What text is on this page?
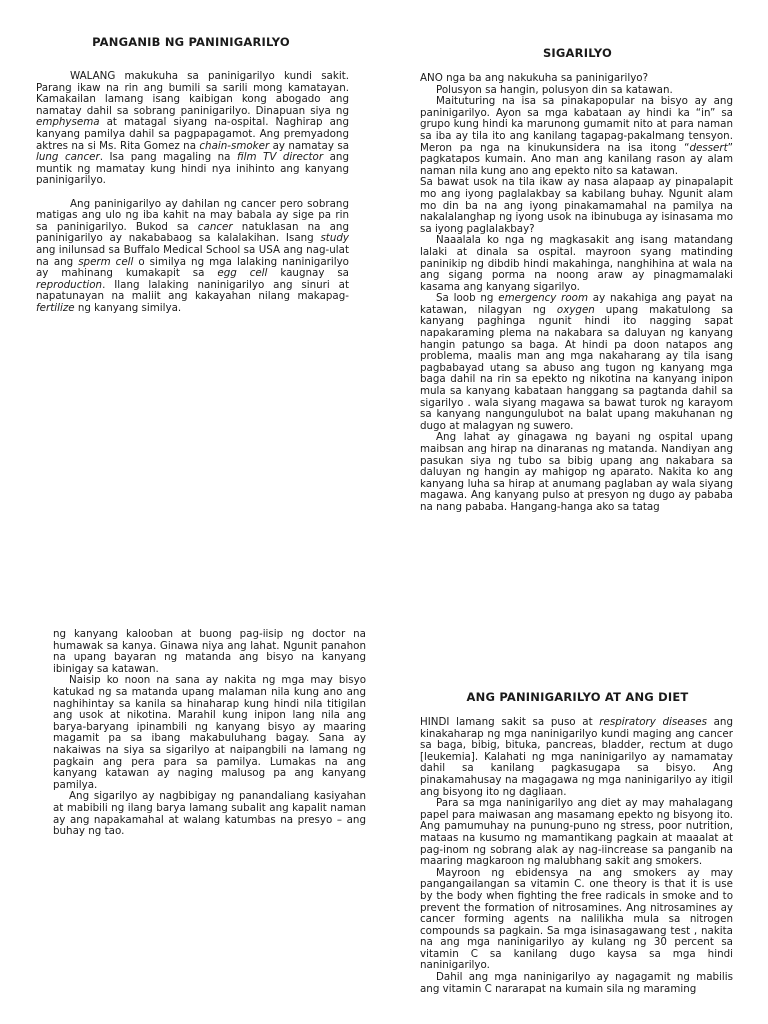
PANGANIB NG PANINIGARILYO

WALANG makukuha sa paninigarilyo kundi sakit. Parang ikaw na rin ang bumili sa sarili mong kamatayan. Kamakailan lamang isang kaibigan kong abogado ang namatay dahil sa sobrang paninigarilyo. Dinapuan siya ng emphysema at matagal siyang na-ospital. Naghirap ang kanyang pamilya dahil sa pagpapagamot. Ang premyadong aktres na si Ms. Rita Gomez na chain-smoker ay namatay sa lung cancer. Isa pang magaling na film TV director ang muntik ng mamatay kung hindi nya inihinto ang kanyang paninigarilyo.

Ang paninigarilyo ay dahilan ng cancer pero sobrang matigas ang ulo ng iba kahit na may babala ay sige pa rin sa paninigarilyo. Bukod sa cancer natuklasan na ang paninigarilyo ay nakababaog sa kalalakihan. Isang study ang inilunsad sa Buffalo Medical School sa USA ang nag-ulat na ang sperm cell o similya ng mga lalaking naninigarilyo ay mahinang kumakapit sa egg cell kaugnay sa reproduction. Ilang lalaking naninigarilyo ang sinuri at napatunayan na maliit ang kakayahan nilang makapag-fertilize ng kanyang similya.

SIGARILYO

ANO nga ba ang nakukuha sa paninigarilyo?

Polusyon sa hangin, polusyon din sa katawan.

Maituturing na isa sa pinakapopular na bisyo ay ang paninigarilyo. Ayon sa mga kabataan ay hindi ka “in” sa grupo kung hindi ka marunong gumamit nito at para naman sa iba ay tila ito ang kanilang tagapag-pakalmang tensyon. Meron pa nga na kinukunsidera na isa itong “dessert” pagkatapos kumain. Ano man ang kanilang rason ay alam naman nila kung ano ang epekto nito sa katawan.

Sa bawat usok na tila ikaw ay nasa alapaap ay pinapalapit mo ang iyong paglalakbay sa kabilang buhay. Ngunit alam mo din ba na ang iyong pinakamamahal na pamilya na nakalalanghap ng iyong usok na ibinubuga ay isinasama mo sa iyong paglalakbay?

Naaalala ko nga ng magkasakit ang isang matandang lalaki at dinala sa ospital. mayroon syang matinding paninikip ng dibdib hindi makahinga, nanghihina at wala na ang sigang porma na noong araw ay pinagmamalaki kasama ang kanyang sigarilyo.

Sa loob ng emergency room ay nakahiga ang payat na katawan, nilagyan ng oxygen upang makatulong sa kanyang paghinga ngunit hindi ito nagging sapat napakaraming plema na nakabara sa daluyan ng kanyang hangin patungo sa baga. At hindi pa doon natapos ang problema, maalis man ang mga nakaharang ay tila isang pagbabayad utang sa abuso ang tugon ng kanyang mga baga dahil na rin sa epekto ng nikotina na kanyang inipon mula sa kanyang kabataan hanggang sa pagtanda dahil sa sigarilyo . wala siyang magawa sa bawat turok ng karayom sa kanyang nangungulubot na balat upang makuhanan ng dugo at malagyan ng suwero.

Ang lahat ay ginagawa ng bayani ng ospital upang maibsan ang hirap na dinaranas ng matanda. Nandiyan ang pasukan siya ng tubo sa bibig upang ang nakabara sa daluyan ng hangin ay mahigop ng aparato. Nakita ko ang kanyang luha sa hirap at anumang paglaban ay wala siyang magawa. Ang kanyang pulso at presyon ng dugo ay pababa na nang pababa. Hangang-hanga ako sa tatag

ng kanyang kalooban at buong pag-iisip ng doctor na humawak sa kanya. Ginawa niya ang lahat. Ngunit panahon na upang bayaran ng matanda ang bisyo na kanyang ibinigay sa katawan.

Naisip ko noon na sana ay nakita ng mga may bisyo katukad ng sa matanda upang malaman nila kung ano ang naghihintay sa kanila sa hinaharap kung hindi nila titigilan ang usok at nikotina. Marahil kung inipon lang nila ang barya-baryang ipinambili ng kanyang bisyo ay maaring magamit pa sa ibang makabuluhang bagay. Sana ay nakaiwas na siya sa sigarilyo at naipangbili na lamang ng pagkain ang pera para sa pamilya. Lumakas na ang kanyang katawan ay naging malusog pa ang kanyang pamilya.

Ang sigarilyo ay nagbibigay ng panandaliang kasiyahan at mabibili ng ilang barya lamang subalit ang kapalit naman ay ang napakamahal at walang katumbas na presyo – ang buhay ng tao.

ANG PANINIGARILYO AT ANG DIET

HINDI lamang sakit sa puso at respiratory diseases ang kinakaharap ng mga naninigarilyo kundi maging ang cancer sa baga, bibig, bituka, pancreas, bladder, rectum at dugo [leukemia]. Kalahati ng mga naninigarilyo ay namamatay dahil sa kanilang pagkasugapa sa bisyo. Ang pinakamahusay na magagawa ng mga naninigarilyo ay itigil ang bisyong ito ng dagliaan.

Para sa mga naninigarilyo ang diet ay may mahalagang papel para maiwasan ang masamang epekto ng bisyong ito. Ang pamumuhay na punung-puno ng stress, poor nutrition, mataas na kusumo ng mamantikang pagkain at maaalat at pag-inom ng sobrang alak ay nag-iincrease sa panganib na maaring magkaroon ng malubhang sakit ang smokers.

Mayroon ng ebidensya na ang smokers ay may pangangailangan sa vitamin C. one theory is that it is use by the body when fighting the free radicals in smoke and to prevent the formation of nitrosamines. Ang nitrosamines ay cancer forming agents na nalilikha mula sa nitrogen compounds sa pagkain. Sa mga isinasagawang test , nakita na ang mga naninigarilyo ay kulang ng 30 percent sa vitamin C sa kanilang dugo kaysa sa mga hindi naninigarilyo.

Dahil ang mga naninigarilyo ay nagagamit ng mabilis ang vitamin C nararapat na kumain sila ng maraming
